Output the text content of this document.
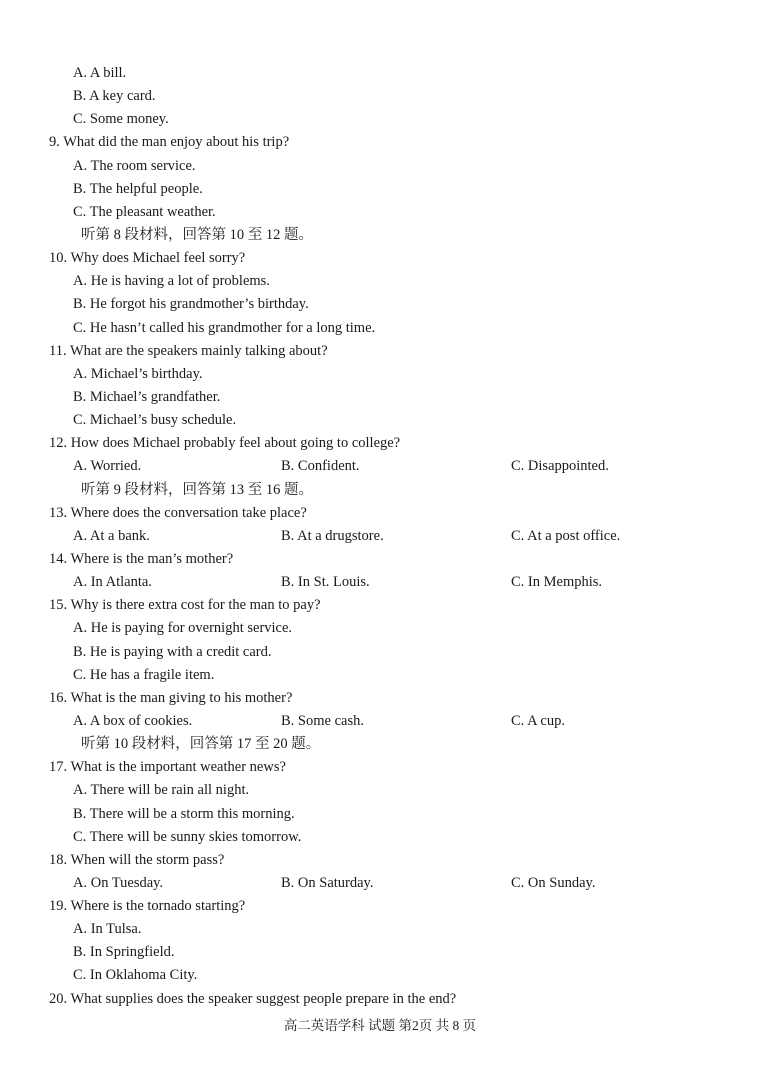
A. A bill.
B. A key card.
C. Some money.
9. What did the man enjoy about his trip?
A. The room service.
B. The helpful people.
C. The pleasant weather.
听第 8 段材料，回答第 10 至 12 题。
10. Why does Michael feel sorry?
A. He is having a lot of problems.
B. He forgot his grandmother’s birthday.
C. He hasn’t called his grandmother for a long time.
11. What are the speakers mainly talking about?
A. Michael’s birthday.
B. Michael’s grandfather.
C. Michael’s busy schedule.
12. How does Michael probably feel about going to college?
A. Worried.	B. Confident.	C. Disappointed.
听第 9 段材料，回答第 13 至 16 题。
13. Where does the conversation take place?
A. At a bank.	B. At a drugstore.	C. At a post office.
14. Where is the man’s mother?
A. In Atlanta.	B. In St. Louis.	C. In Memphis.
15. Why is there extra cost for the man to pay?
A. He is paying for overnight service.
B. He is paying with a credit card.
C. He has a fragile item.
16. What is the man giving to his mother?
A. A box of cookies.	B. Some cash.	C. A cup.
听第 10 段材料，回答第 17 至 20 题。
17. What is the important weather news?
A. There will be rain all night.
B. There will be a storm this morning.
C. There will be sunny skies tomorrow.
18. When will the storm pass?
A. On Tuesday.	B. On Saturday.	C. On Sunday.
19. Where is the tornado starting?
A. In Tulsa.
B. In Springfield.
C. In Oklahoma City.
20. What supplies does the speaker suggest people prepare in the end?
高二英语学科 试题 第2页 共 8 页
